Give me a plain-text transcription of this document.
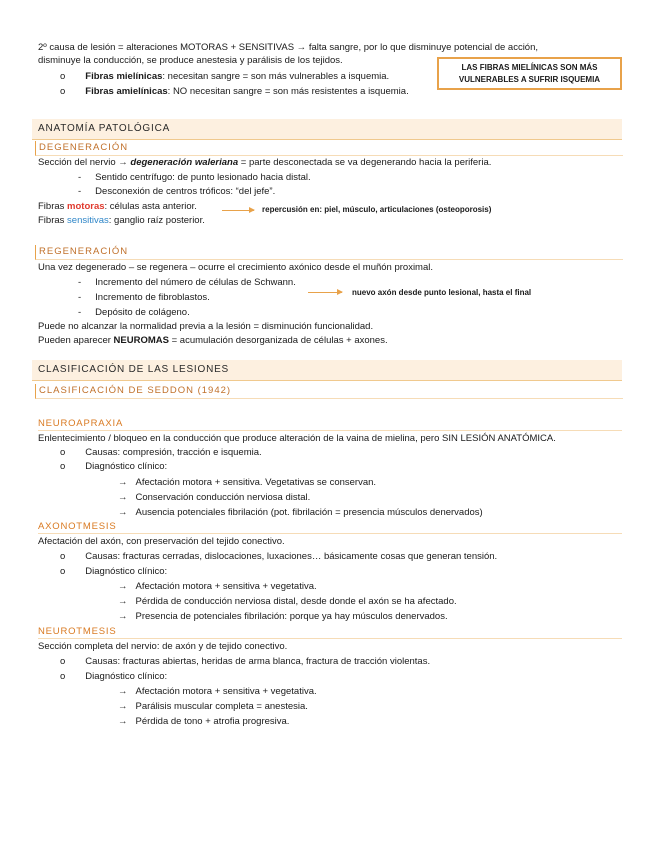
2º causa de lesión = alteraciones MOTORAS + SENSITIVAS → falta sangre, por lo que disminuye potencial de acción,
disminuye la conducción, se produce anestesia y parálisis de los tejidos.
o Fibras mielínicas: necesitan sangre = son más vulnerables a isquemia.
o Fibras amielínicas: NO necesitan sangre = son más resistentes a isquemia.
LAS FIBRAS MIELÍNICAS SON MÁS
VULNERABLES A SUFRIR ISQUEMIA
ANATOMÍA PATOLÓGICA
DEGENERACIÓN
Sección del nervio → degeneración waleriana = parte desconectada se va degenerando hacia la periferia.
- Sentido centrífugo: de punto lesionado hacia distal.
- Desconexión de centros tróficos: “del jefe”.
Fibras motoras: células asta anterior.	repercusión en: piel, músculo, articulaciones (osteoporosis)
Fibras sensitivas: ganglio raíz posterior.
REGENERACIÓN
Una vez degenerado – se regenera – ocurre el crecimiento axónico desde el muñón proximal.
- Incremento del número de células de Schwann.
- Incremento de fibroblastos.	nuevo axón desde punto lesional, hasta el final
- Depósito de colágeno.
Puede no alcanzar la normalidad previa a la lesión = disminución funcionalidad.
Pueden aparecer NEUROMAS = acumulación desorganizada de células + axones.
CLASIFICACIÓN DE LAS LESIONES
CLASIFICACIÓN DE SEDDON (1942)
NEUROAPRAXIA
Enlentecimiento / bloqueo en la conducción que produce alteración de la vaina de mielina, pero SIN LESIÓN ANATÓMICA.
o Causas: compresión, tracción e isquemia.
o Diagnóstico clínico:
→ Afectación motora + sensitiva. Vegetativas se conservan.
→ Conservación conducción nerviosa distal.
→ Ausencia potenciales fibrilación (pot. fibrilación = presencia músculos denervados)
AXONOTMESIS
Afectación del axón, con preservación del tejido conectivo.
o Causas: fracturas cerradas, dislocaciones, luxaciones… básicamente cosas que generan tensión.
o Diagnóstico clínico:
→ Afectación motora + sensitiva + vegetativa.
→ Pérdida de conducción nerviosa distal, desde donde el axón se ha afectado.
→ Presencia de potenciales fibrilación: porque ya hay músculos denervados.
NEUROTMESIS
Sección completa del nervio: de axón y de tejido conectivo.
o Causas: fracturas abiertas, heridas de arma blanca, fractura de tracción violentas.
o Diagnóstico clínico:
→ Afectación motora + sensitiva + vegetativa.
→ Parálisis muscular completa = anestesia.
→ Pérdida de tono + atrofia progresiva.
